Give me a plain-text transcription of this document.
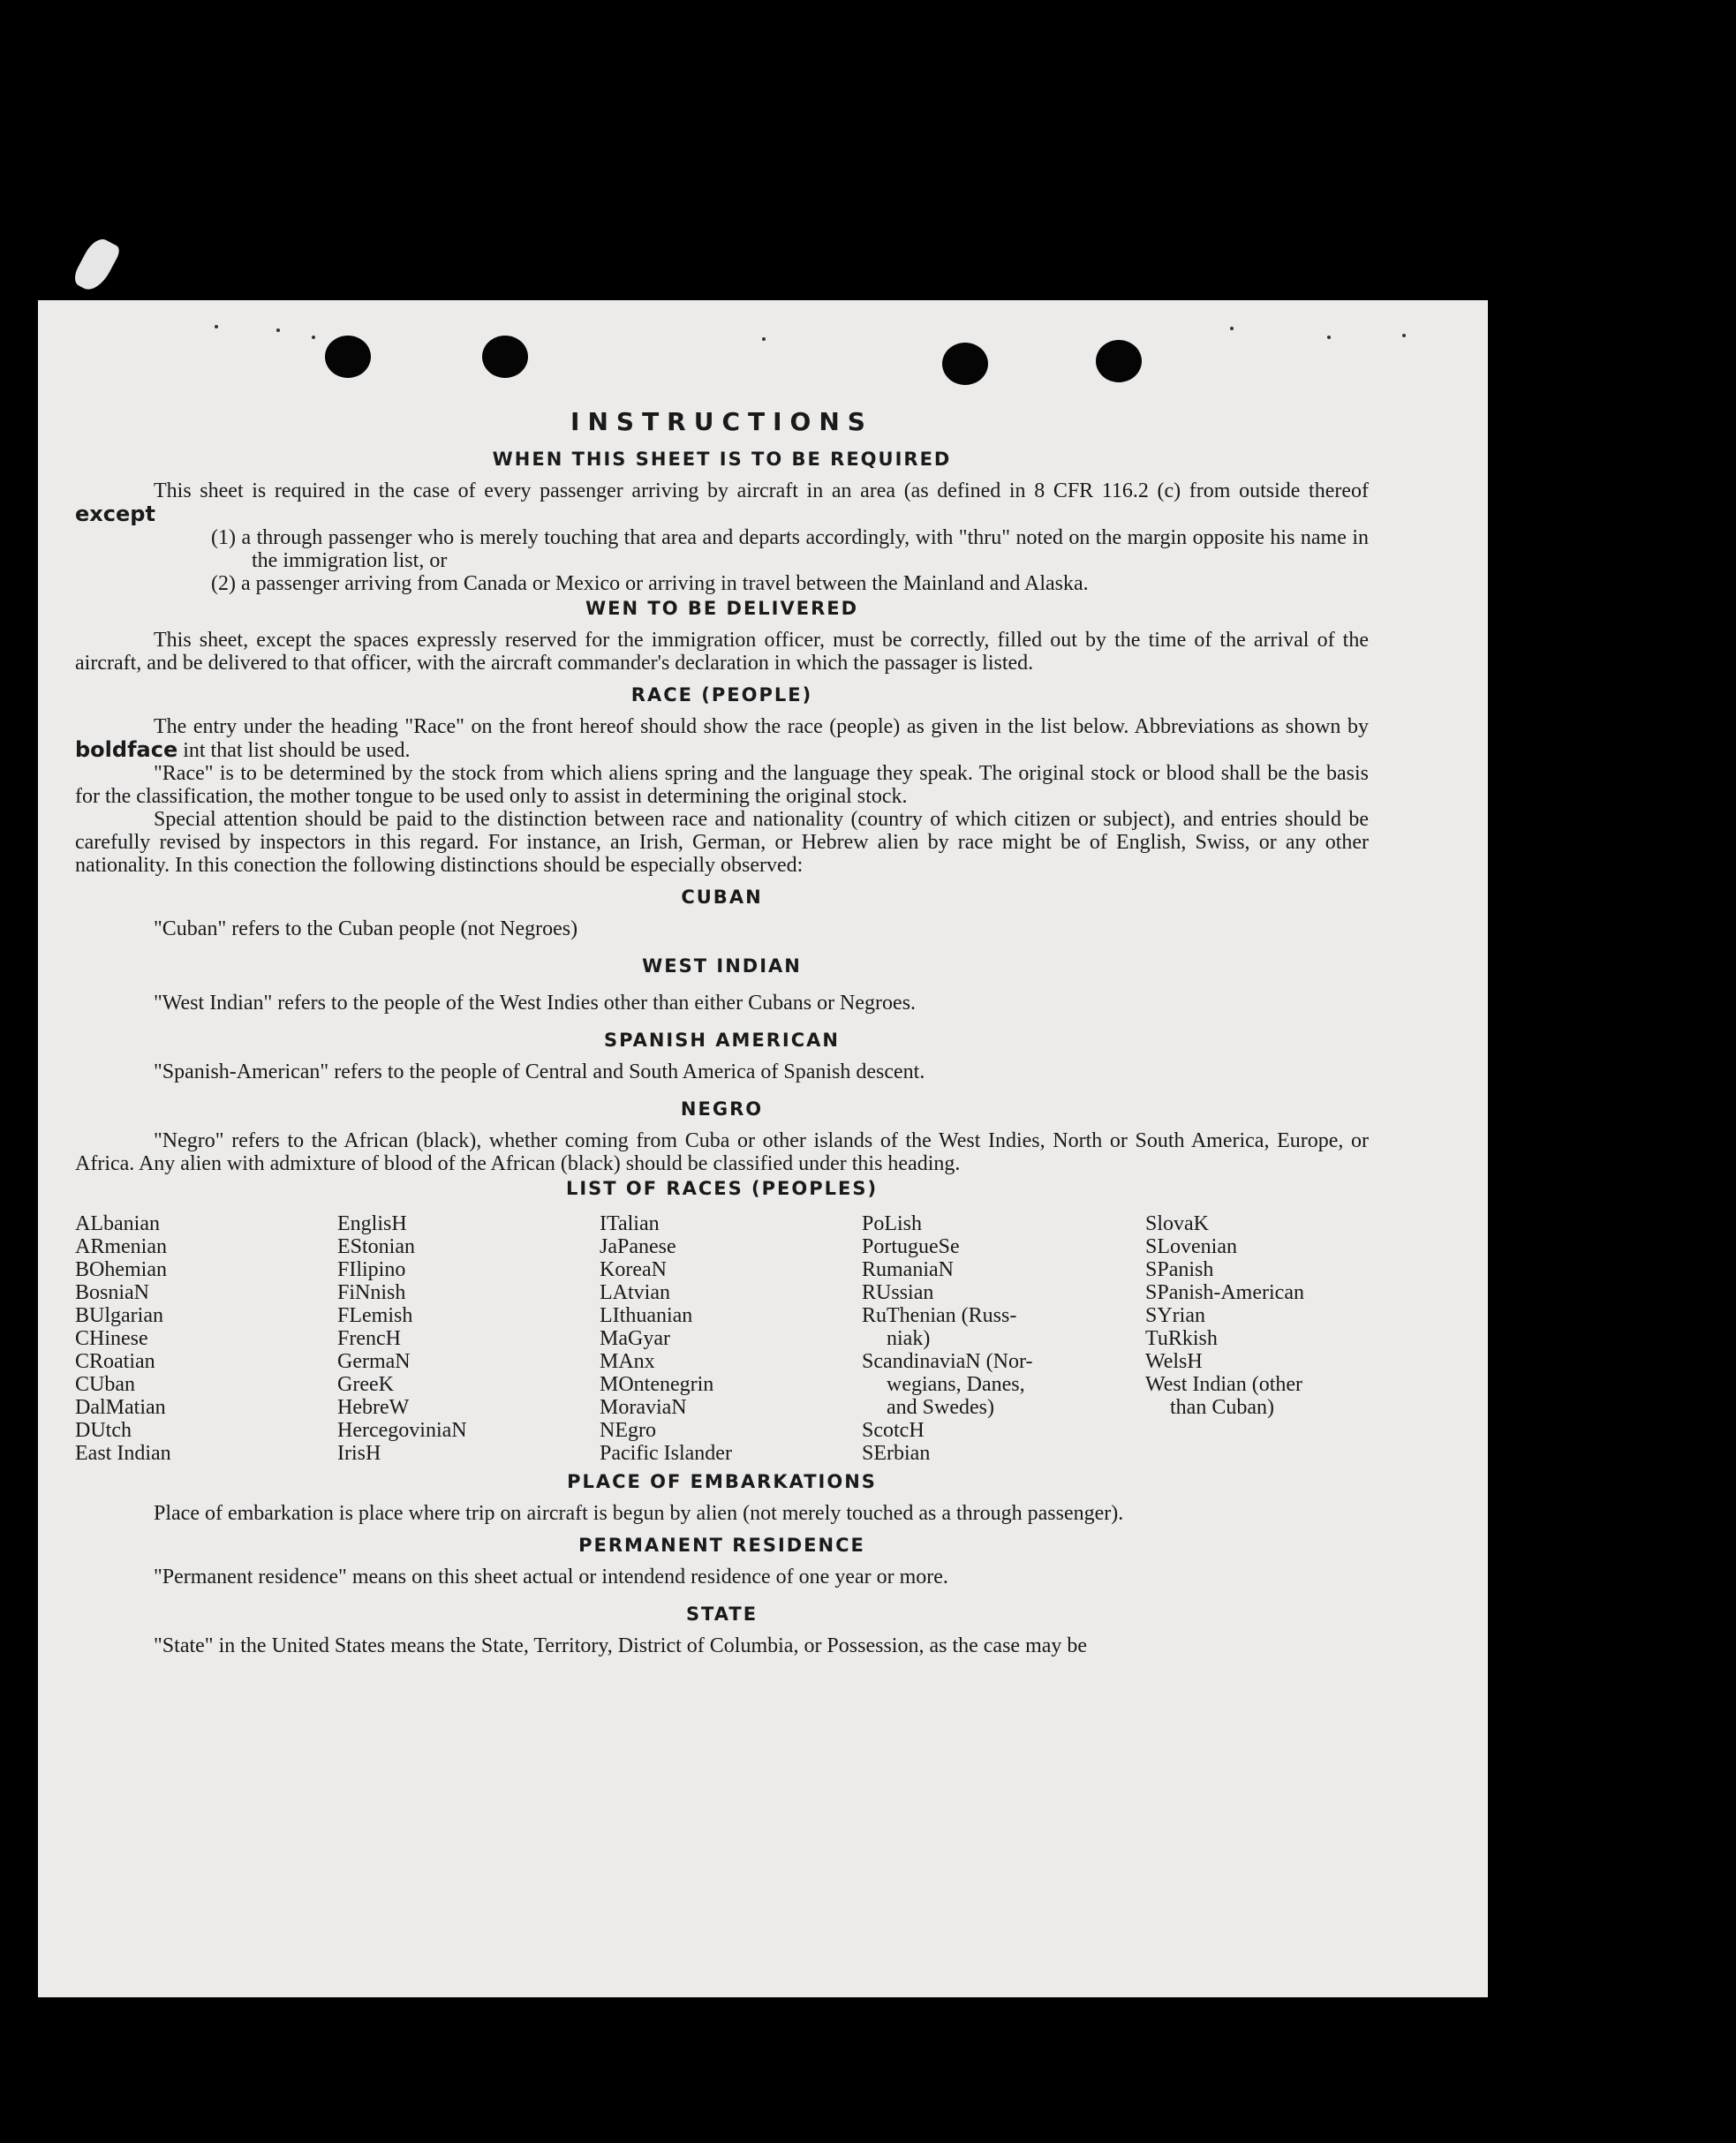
INSTRUCTIONS
WHEN THIS SHEET IS TO BE REQUIRED

This sheet is required in the case of every passenger arriving by aircraft in an area (as defined in 8 CFR 116.2 (c) from outside thereof except

(1) a through passenger who is merely touching that area and departs accordingly, with "thru" noted on the margin opposite his name in the immigration list, or

(2) a passenger arriving from Canada or Mexico or arriving in travel between the Mainland and Alaska.

WEN TO BE DELIVERED

This sheet, except the spaces expressly reserved for the immigration officer, must be correctly, filled out by the time of the arrival of the aircraft, and be delivered to that officer, with the aircraft commander's declaration in which the passager is listed.

RACE (PEOPLE)

The entry under the heading "Race" on the front hereof should show the race (people) as given in the list below. Abbreviations as shown by boldface int that list should be used.

"Race" is to be determined by the stock from which aliens spring and the language they speak. The original stock or blood shall be the basis for the classification, the mother tongue to be used only to assist in determining the original stock.

Special attention should be paid to the distinction between race and nationality (country of which citizen or subject), and entries should be carefully revised by inspectors in this regard. For instance, an Irish, German, or Hebrew alien by race might be of English, Swiss, or any other nationality. In this conection the following distinctions should be especially observed:

CUBAN

"Cuban" refers to the Cuban people (not Negroes)

WEST INDIAN

"West Indian" refers to the people of the West Indies other than either Cubans or Negroes.

SPANISH AMERICAN

"Spanish-American" refers to the people of Central and South America of Spanish descent.

NEGRO

"Negro" refers to the African (black), whether coming from Cuba or other islands of the West Indies, North or South America, Europe, or Africa. Any alien with admixture of blood of the African (black) should be classified under this heading.

LIST OF RACES (PEOPLES)
ALbanian
ARmenian
BOhemian
BosniaN
BUlgarian
CHinese
CRoatian
CUban
DalMatian
DUtch
East Indian
EnglisH
EStonian
FIlipino
FiNnish
FLemish
FrencH
GermaN
GreeK
HebreW
HercegoviniaN
IrisH
ITalian
JaPanese
KoreaN
LAtvian
LIthuanian
MaGyar
MAnx
MOntenegrin
MoraviaN
NEgro
Pacific Islander
PoLish
PortugueSe
RumaniaN
RUssian
RuThenian (Russ-
niak)
ScandinaviaN (Nor-
wegians, Danes,
and Swedes)
ScotcH
SErbian
SlovaK
SLovenian
SPanish
SPanish-American
SYrian
TuRkish
WelsH
West Indian (other
than Cuban)
PLACE OF EMBARKATIONS

Place of embarkation is place where trip on aircraft is begun by alien (not merely touched as a through passenger).

PERMANENT RESIDENCE

"Permanent residence" means on this sheet actual or intendend residence of one year or more.

STATE

"State" in the United States means the State, Territory, District of Columbia, or Possession, as the case may be
